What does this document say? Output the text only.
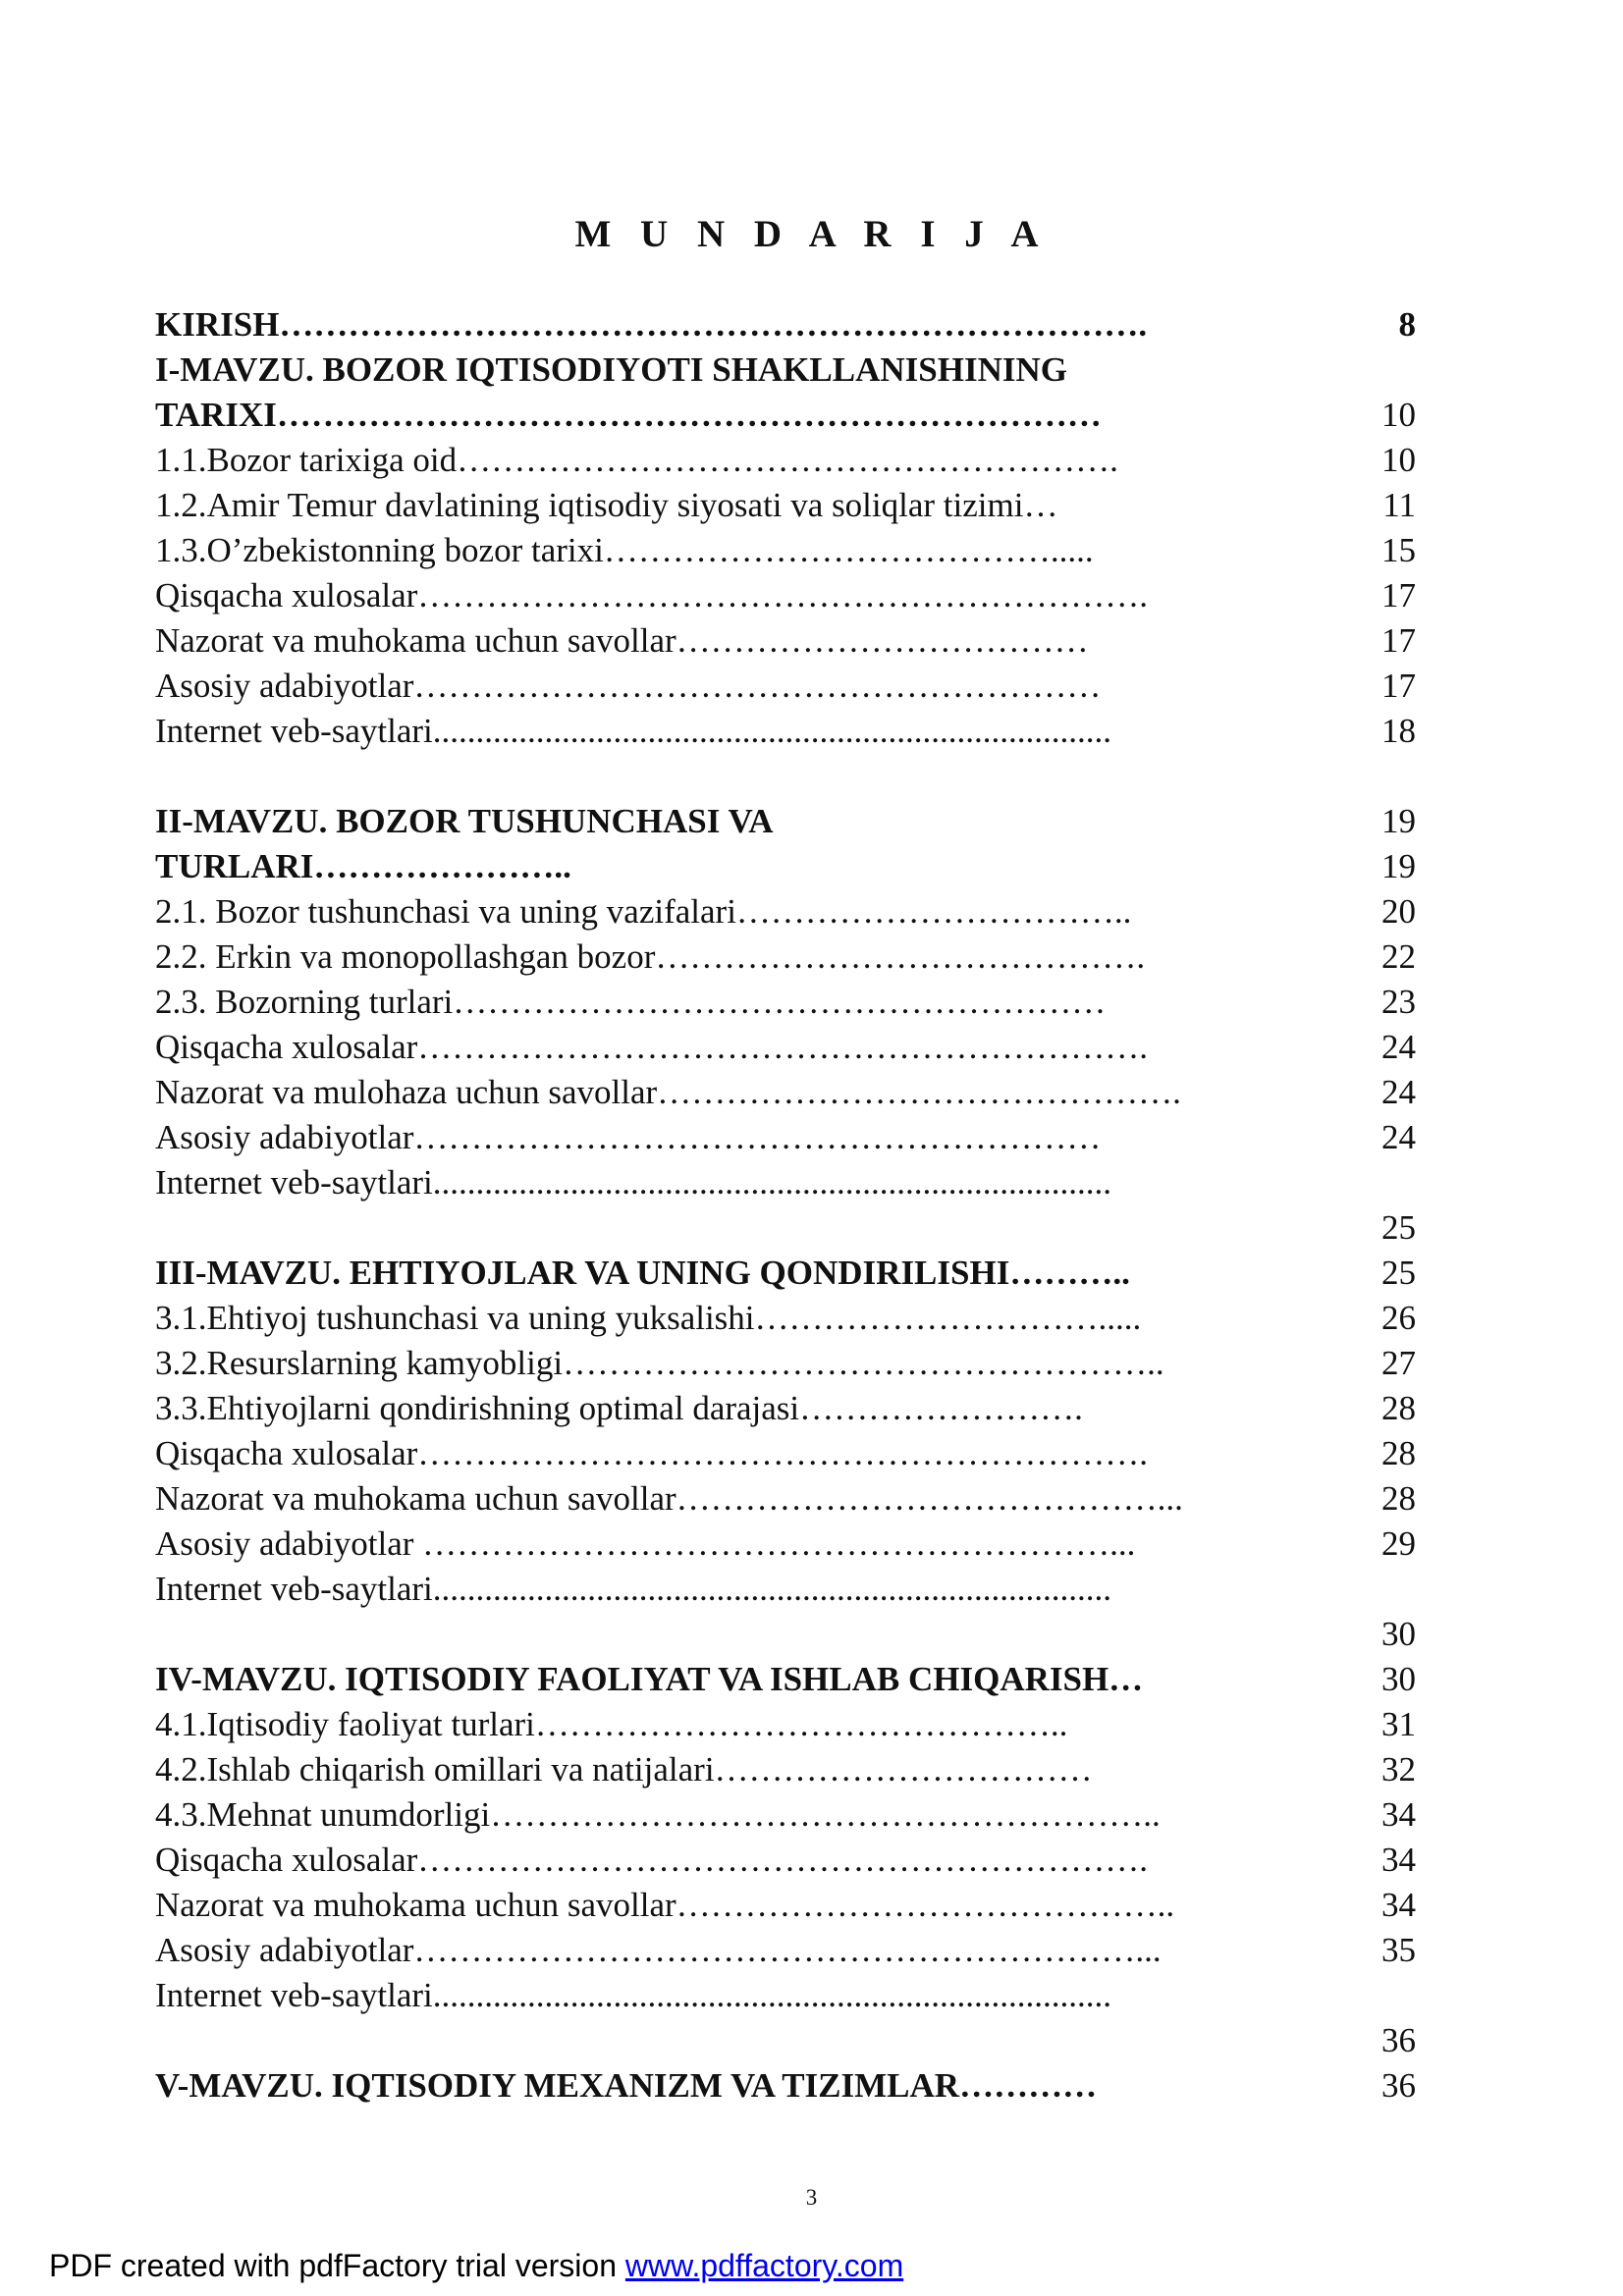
M U N D A R I J A
KIRISH………………………………………………………………….
I-MAVZU. BOZOR IQTISODIYOTI SHAKLLANISHINING
TARIXI………………………………………………………………
1.1.Bozor tarixiga oid………………………………………………….
1.2.Amir Temur davlatining iqtisodiy siyosati va soliqlar tizimi…
1.3.O’zbekistonning bozor tarixi………………………………….....
Qisqacha xulosalar……………………………………………………….
Nazorat va muhokama uchun savollar………………………………
Asosiy adabiyotlar……………………………………………………
Internet veb-saytlari...............................................................................
II-MAVZU. BOZOR TUSHUNCHASI VA
TURLARI…………………..
2.1. Bozor tushunchasi va uning vazifalari……………………………..
2.2. Erkin va monopollashgan bozor…………………………………….
2.3. Bozorning turlari…………………………………………………
Qisqacha xulosalar……………………………………………………….
Nazorat va mulohaza uchun savollar……………………………………….
Asosiy adabiyotlar……………………………………………………
Internet veb-saytlari...............................................................................
III-MAVZU. EHTIYOJLAR VA UNING QONDIRILISHI………..
3.1.Ehtiyoj tushunchasi va uning yuksalishi………………………….....
3.2.Resurslarning kamyobligi……………………………………………..
3.3.Ehtiyojlarni qondirishning optimal darajasi…………………….
Qisqacha xulosalar……………………………………………………….
Nazorat va muhokama uchun savollar……………………………………...
Asosiy adabiyotlar ……………………………………………………...
Internet veb-saytlari...............................................................................
IV-MAVZU. IQTISODIY FAOLIYAT VA ISHLAB CHIQARISH…
4.1.Iqtisodiy faoliyat turlari………………………………………..
4.2.Ishlab chiqarish omillari va natijalari……………………………
4.3.Mehnat unumdorligi…………………………………………………..
Qisqacha xulosalar……………………………………………………….
Nazorat va muhokama uchun savollar……………………………………..
Asosiy adabiyotlar………………………………………………………...
Internet veb-saytlari...............................................................................
V-MAVZU. IQTISODIY MEXANIZM VA TIZIMLAR…………
8
10
10
11
15
17
17
17
18
19
19
20
22
23
24
24
24
25
25
26
27
28
28
28
29
30
30
31
32
34
34
34
35
36
36
3
PDF created with pdfFactory trial version www.pdffactory.com
